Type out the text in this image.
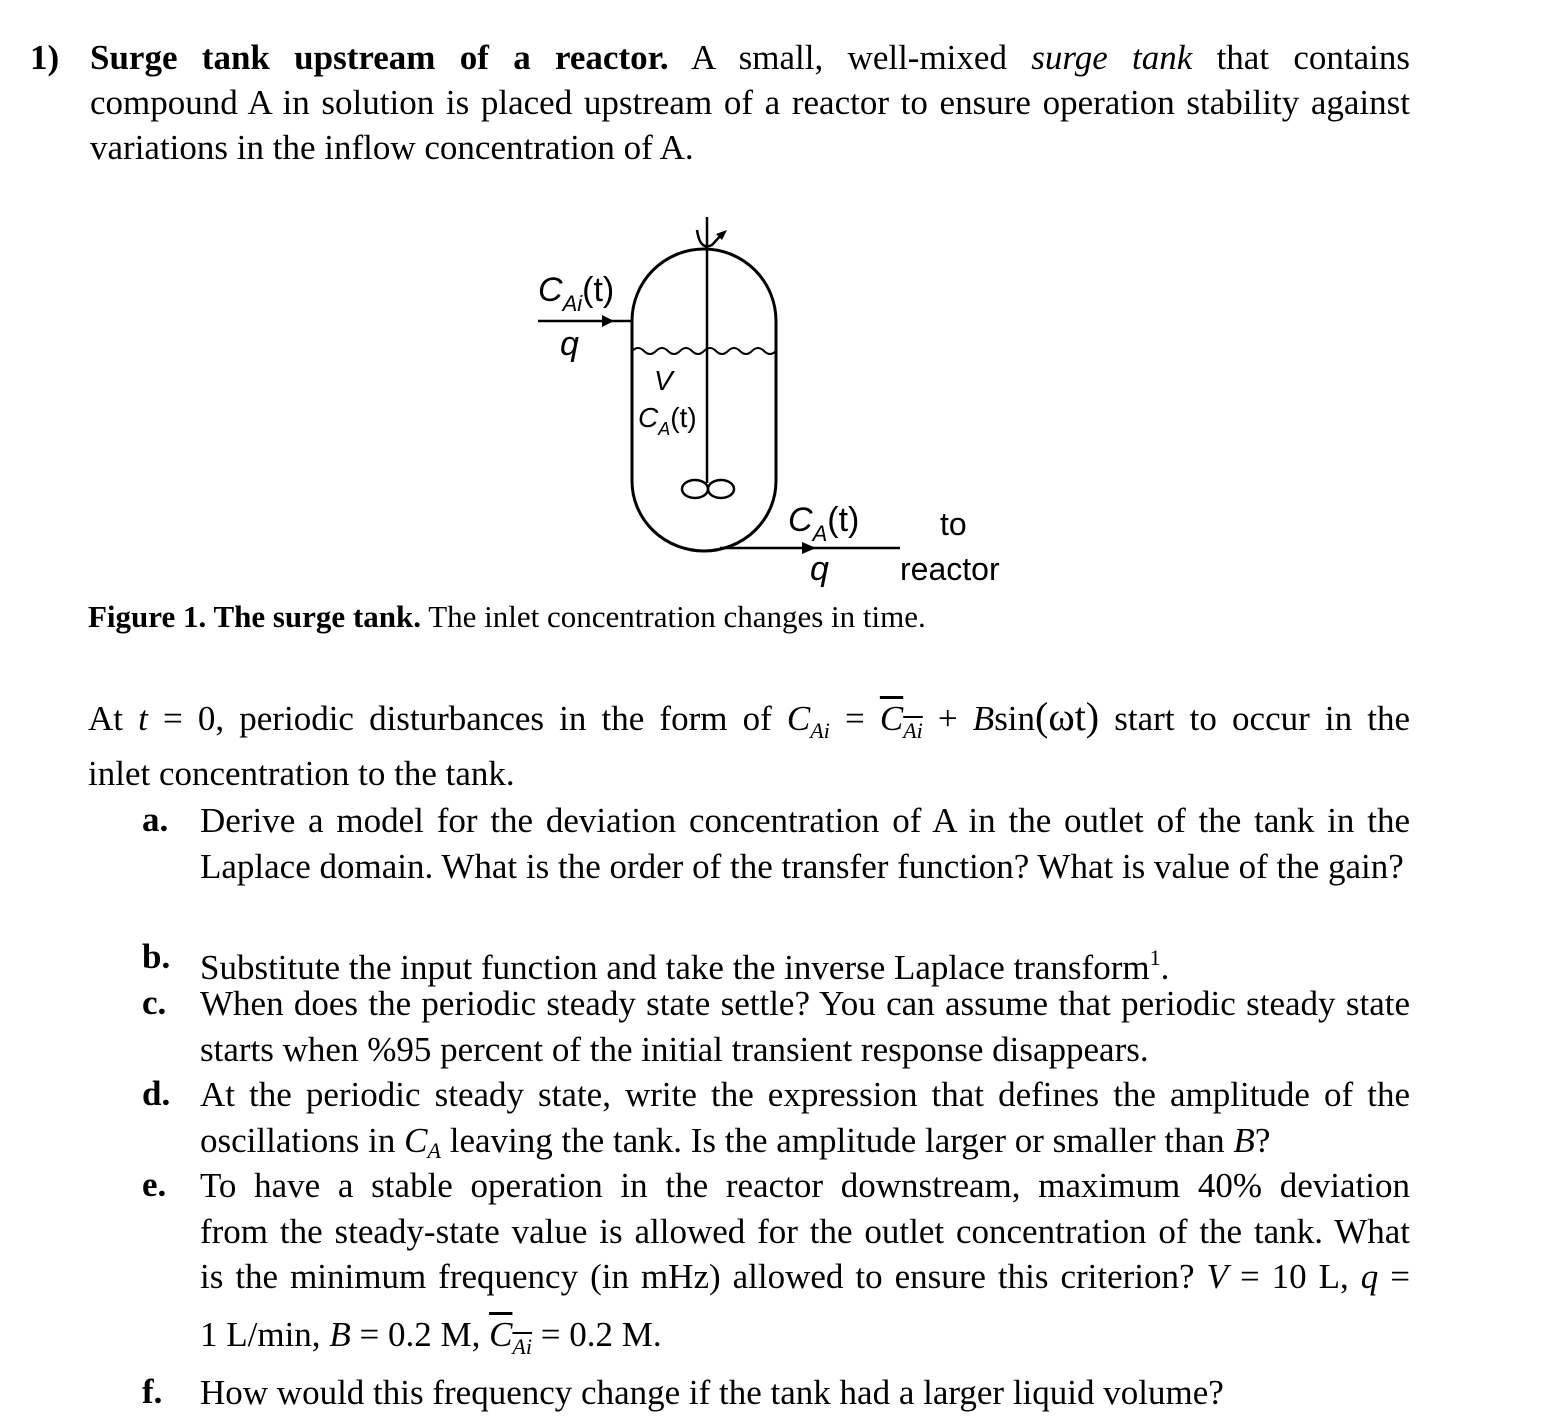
1) Surge tank upstream of a reactor. A small, well-mixed surge tank that contains
compound A in solution is placed upstream of a reactor to ensure operation stability against
variations in the inflow concentration of A.
$C_{Ai}(t)$
q
V
$C_A(t)$
$C_A(t)$
q
to
reactor
Figure 1. The surge tank. The inlet concentration changes in time.
At t = 0, periodic disturbances in the form of $C_{Ai} = \overline{C}_{\overline{Ai}} + Bsin(\omega t)$ start to occur in the
inlet concentration to the tank.
a. Derive a model for the deviation concentration of A in the outlet of the tank in the Laplace domain. What is the order of the transfer function? What is value of the gain?
b. Substitute the input function and take the inverse Laplace transform$^1$.
c. When does the periodic steady state settle? You can assume that periodic steady state starts when %95 percent of the initial transient response disappears.
d. At the periodic steady state, write the expression that defines the amplitude of the oscillations in $C_A$ leaving the tank. Is the amplitude larger or smaller than B?
e. To have a stable operation in the reactor downstream, maximum 40% deviation
from the steady-state value is allowed for the outlet concentration of the tank. What
is the minimum frequency (in mHz) allowed to ensure this criterion? V = 10 L, q =
1 L/min, B = 0.2 M, $\overline{C}_{\overline{Ai}} = 0.2$ M.
f. How would this frequency change if the tank had a larger liquid volume?
